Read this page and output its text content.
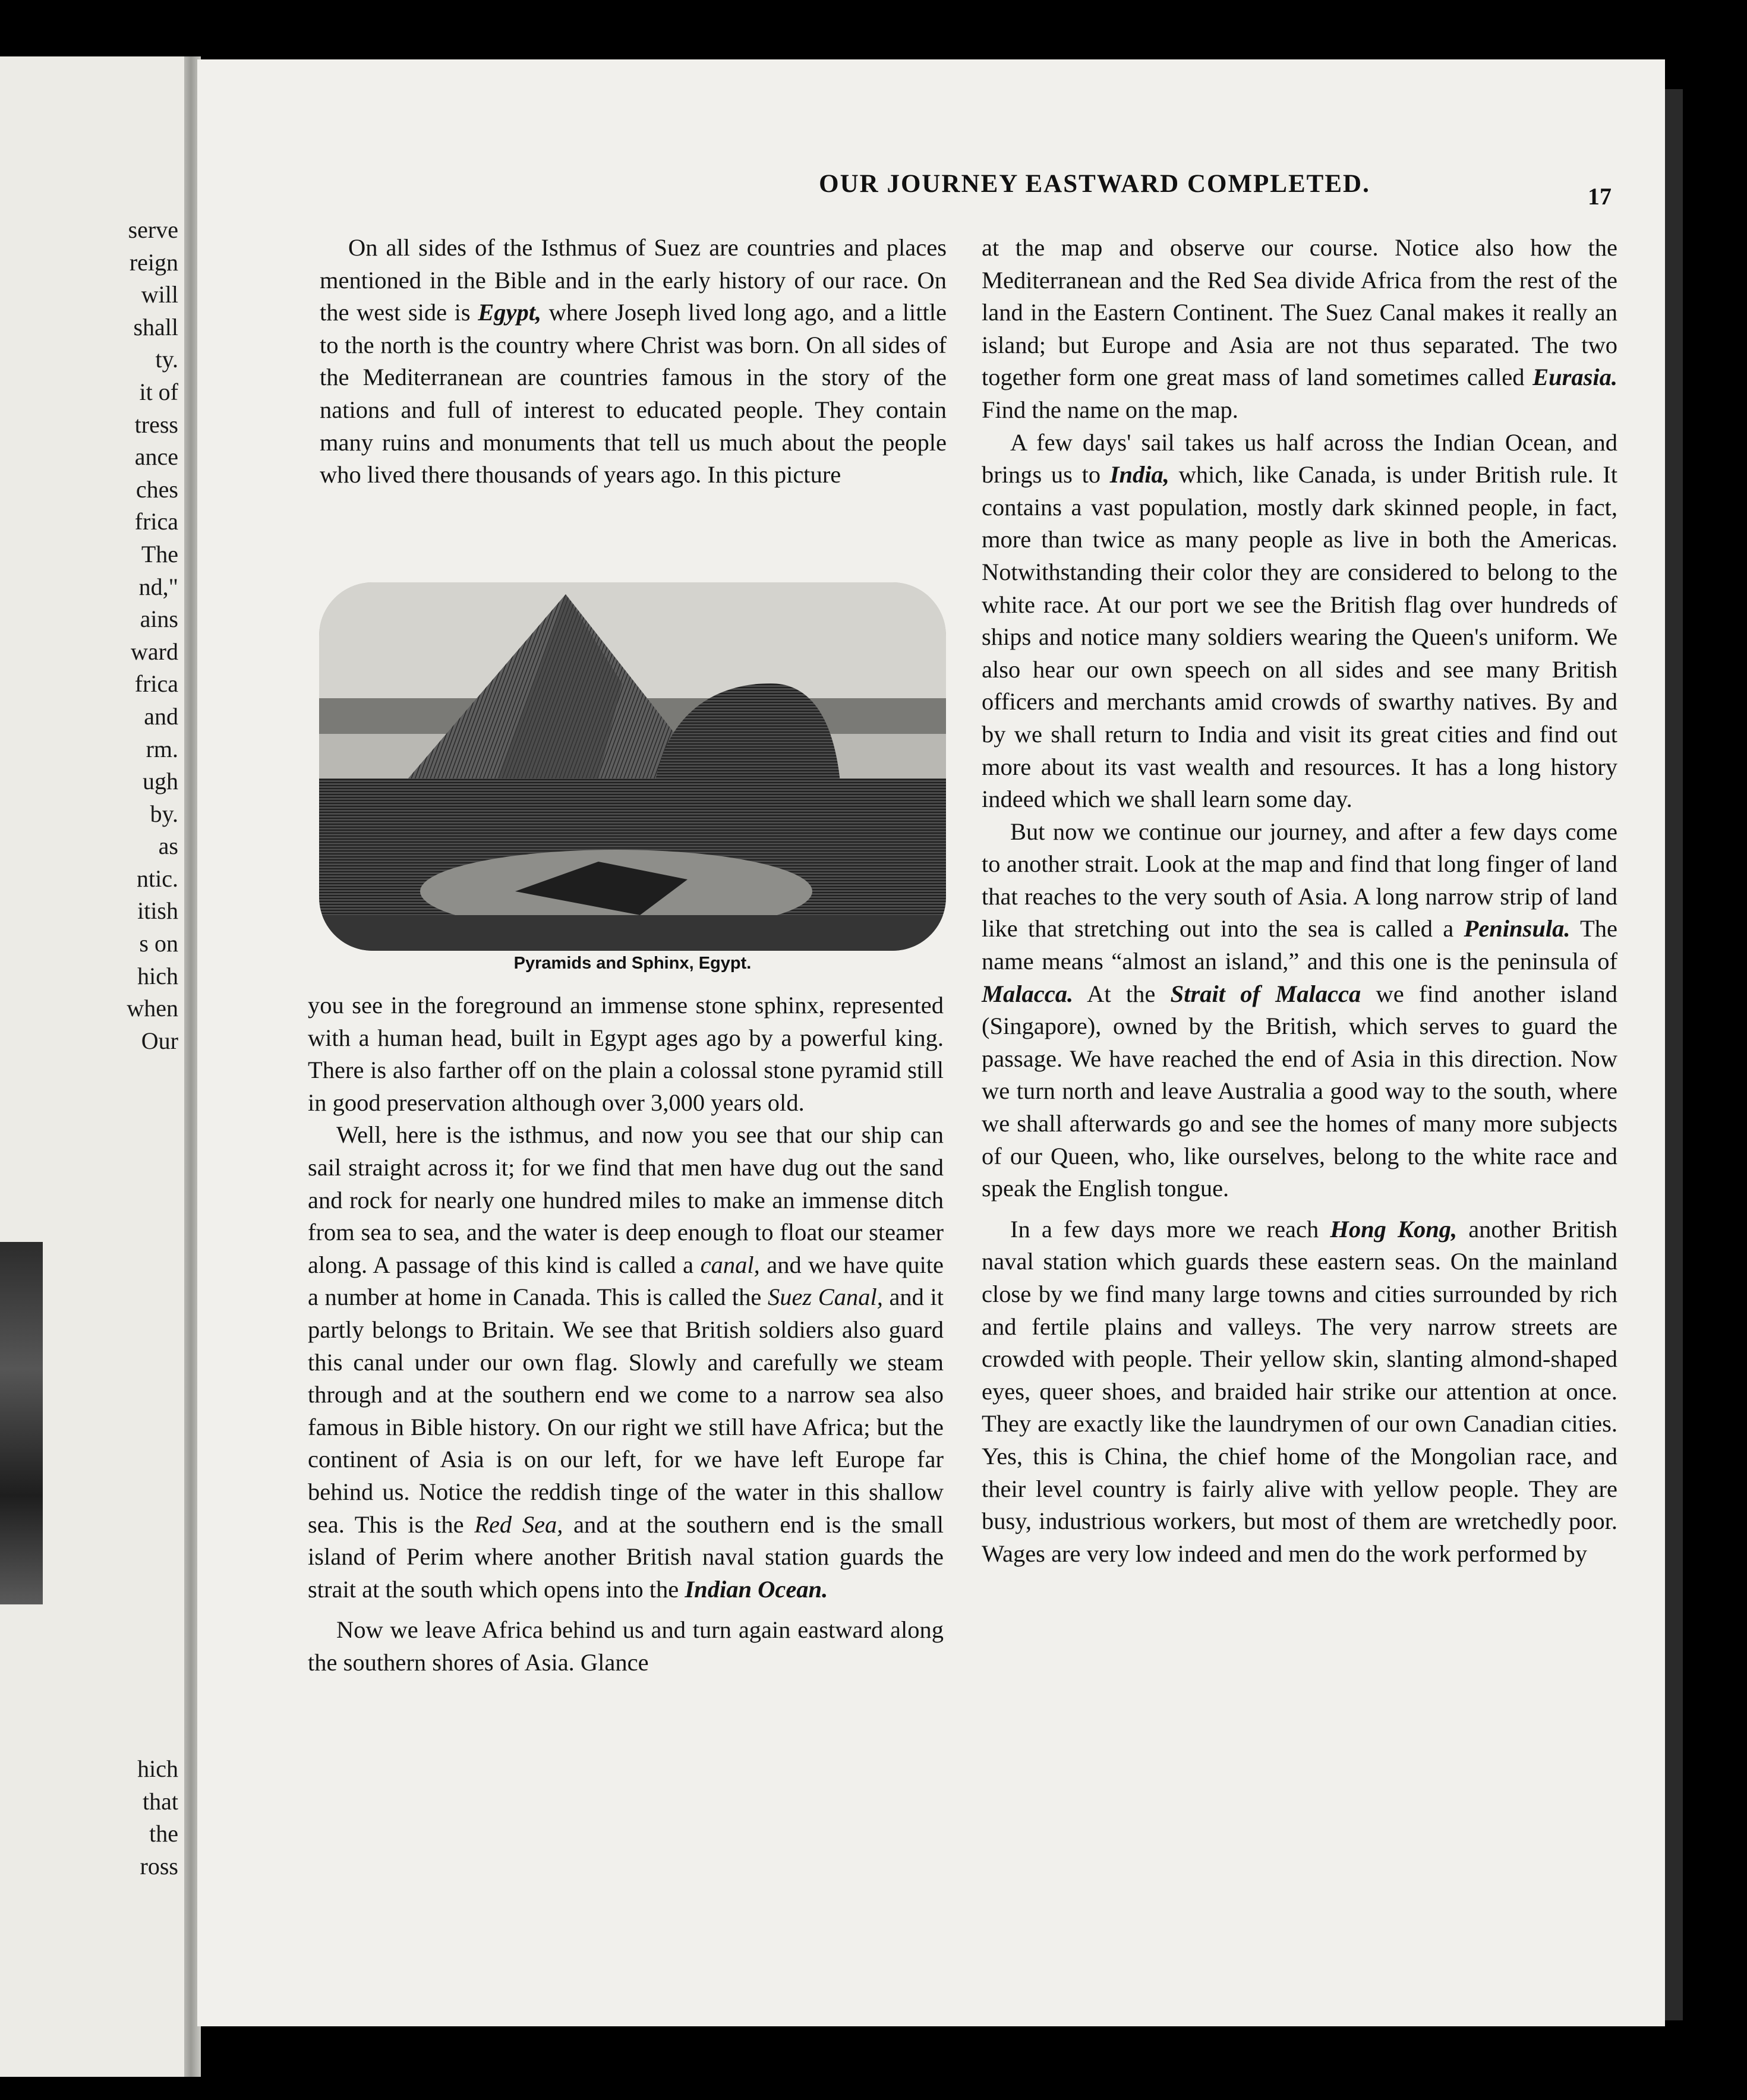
serve
reign
will
shall
ty.
it of
tress
ance
ches
frica
The
nd,"
ains
ward
frica
and
rm.
ugh
by.
as
ntic.
itish
s on
hich
when
Our
hich
that
the
ross
OUR JOURNEY EASTWARD COMPLETED.	17

On all sides of the Isthmus of Suez are countries and places mentioned in the Bible and in the early history of our race. On the west side is Egypt, where Joseph lived long ago, and a little to the north is the country where Christ was born. On all sides of the Mediterranean are countries famous in the story of the nations and full of interest to educated people. They contain many ruins and monuments that tell us much about the people who lived there thousands of years ago. In this picture

Pyramids and Sphinx, Egypt.

you see in the foreground an immense stone sphinx, represented with a human head, built in Egypt ages ago by a powerful king. There is also farther off on the plain a colossal stone pyramid still in good preservation although over 3,000 years old.

Well, here is the isthmus, and now you see that our ship can sail straight across it; for we find that men have dug out the sand and rock for nearly one hundred miles to make an immense ditch from sea to sea, and the water is deep enough to float our steamer along. A passage of this kind is called a canal, and we have quite a number at home in Canada. This is called the Suez Canal, and it partly belongs to Britain. We see that British soldiers also guard this canal under our own flag. Slowly and carefully we steam through and at the southern end we come to a narrow sea also famous in Bible history. On our right we still have Africa; but the continent of Asia is on our left, for we have left Europe far behind us. Notice the reddish tinge of the water in this shallow sea. This is the Red Sea, and at the southern end is the small island of Perim where another British naval station guards the strait at the south which opens into the Indian Ocean.

Now we leave Africa behind us and turn again eastward along the southern shores of Asia. Glance

at the map and observe our course. Notice also how the Mediterranean and the Red Sea divide Africa from the rest of the land in the Eastern Continent. The Suez Canal makes it really an island; but Europe and Asia are not thus separated. The two together form one great mass of land sometimes called Eurasia. Find the name on the map.

A few days' sail takes us half across the Indian Ocean, and brings us to India, which, like Canada, is under British rule. It contains a vast population, mostly dark skinned people, in fact, more than twice as many people as live in both the Americas. Notwithstanding their color they are considered to belong to the white race. At our port we see the British flag over hundreds of ships and notice many soldiers wearing the Queen's uniform. We also hear our own speech on all sides and see many British officers and merchants amid crowds of swarthy natives. By and by we shall return to India and visit its great cities and find out more about its vast wealth and resources. It has a long history indeed which we shall learn some day.

But now we continue our journey, and after a few days come to another strait. Look at the map and find that long finger of land that reaches to the very south of Asia. A long narrow strip of land like that stretching out into the sea is called a Peninsula. The name means “almost an island,” and this one is the peninsula of Malacca. At the Strait of Malacca we find another island (Singapore), owned by the British, which serves to guard the passage. We have reached the end of Asia in this direction. Now we turn north and leave Australia a good way to the south, where we shall afterwards go and see the homes of many more subjects of our Queen, who, like ourselves, belong to the white race and speak the English tongue.

In a few days more we reach Hong Kong, another British naval station which guards these eastern seas. On the mainland close by we find many large towns and cities surrounded by rich and fertile plains and valleys. The very narrow streets are crowded with people. Their yellow skin, slanting almond-shaped eyes, queer shoes, and braided hair strike our attention at once. They are exactly like the laundrymen of our own Canadian cities. Yes, this is China, the chief home of the Mongolian race, and their level country is fairly alive with yellow people. They are busy, industrious workers, but most of them are wretchedly poor. Wages are very low indeed and men do the work performed by
